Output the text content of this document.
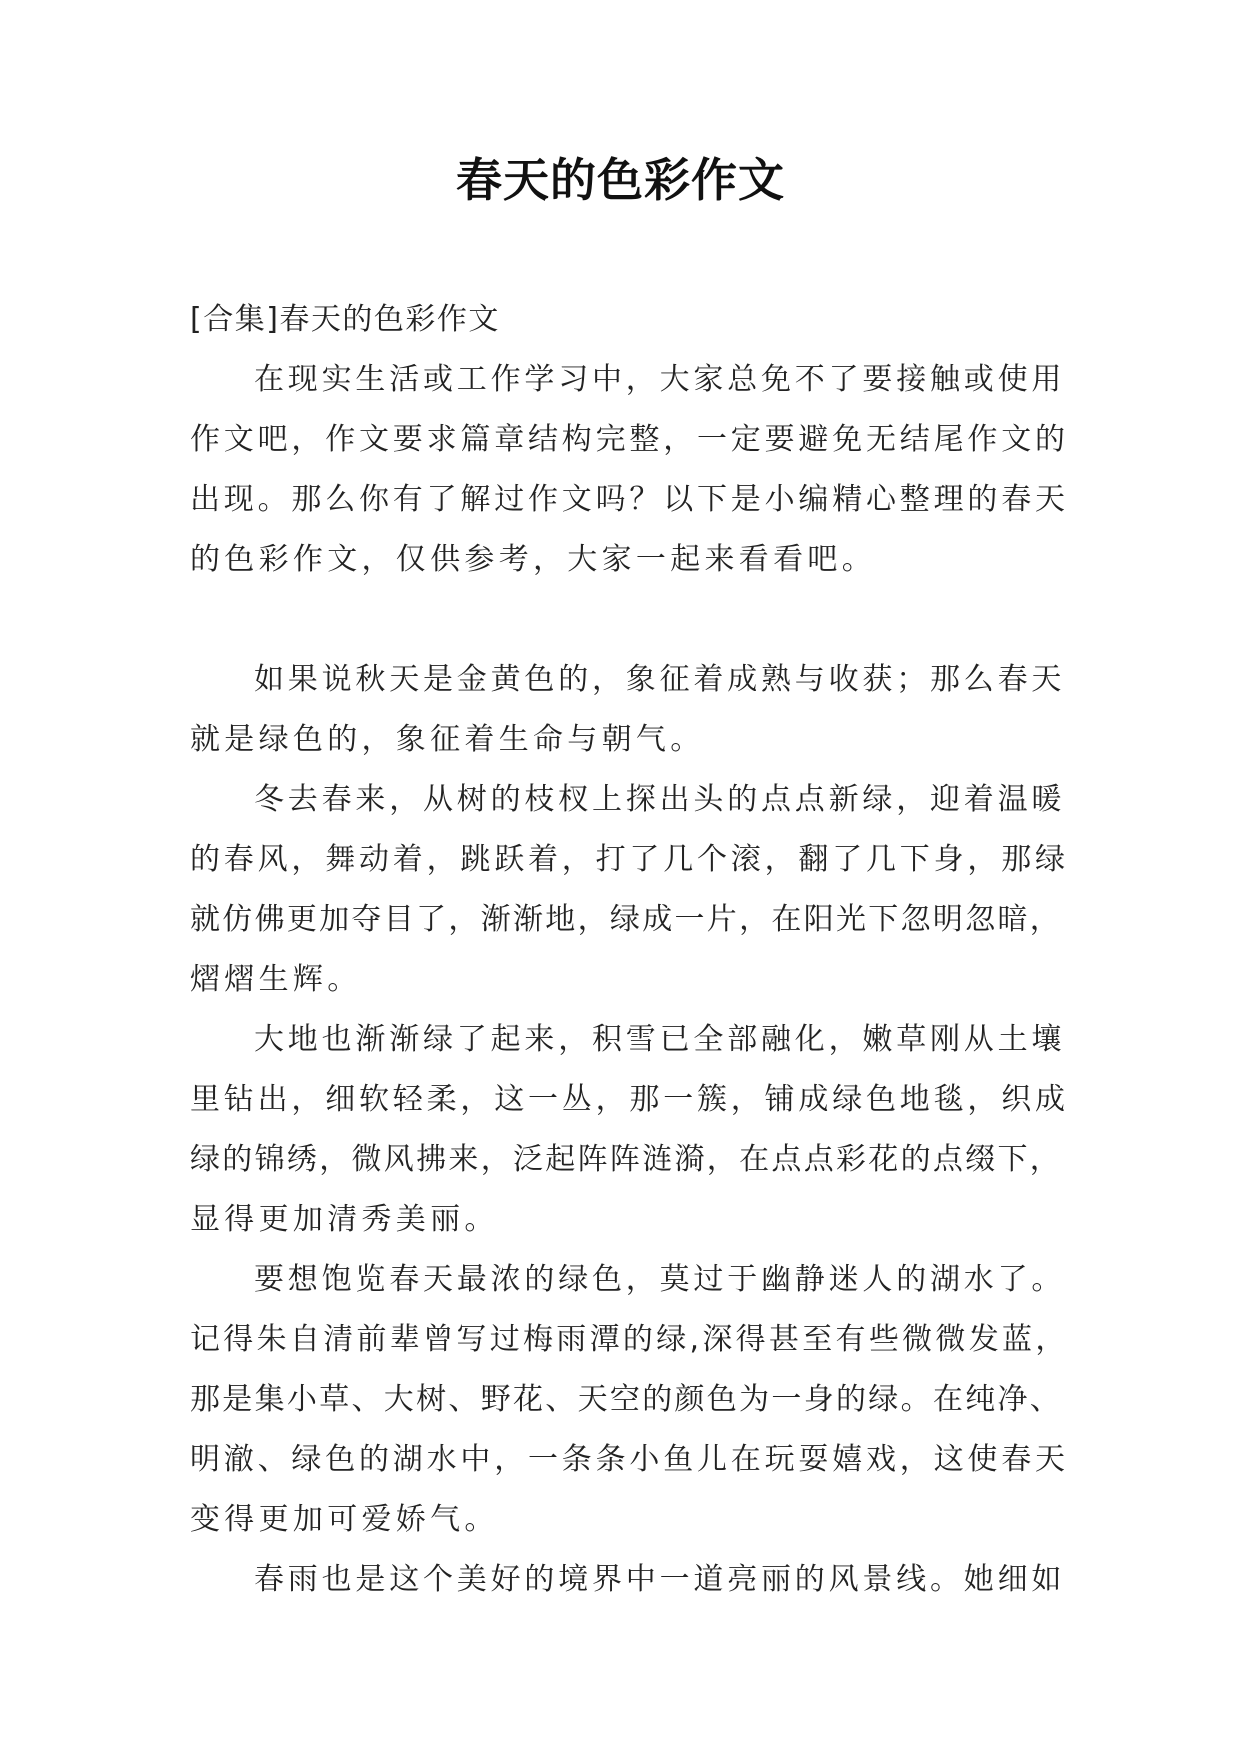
春天的色彩作文
[合集]春天的色彩作文
在现实生活或工作学习中，大家总免不了要接触或使用
作文吧，作文要求篇章结构完整，一定要避免无结尾作文的
出现。那么你有了解过作文吗？以下是小编精心整理的春天
的色彩作文，仅供参考，大家一起来看看吧。
如果说秋天是金黄色的，象征着成熟与收获；那么春天
就是绿色的，象征着生命与朝气。
冬去春来，从树的枝杈上探出头的点点新绿，迎着温暖
的春风，舞动着，跳跃着，打了几个滚，翻了几下身，那绿
就仿佛更加夺目了，渐渐地，绿成一片，在阳光下忽明忽暗，
熠熠生辉。
大地也渐渐绿了起来，积雪已全部融化，嫩草刚从土壤
里钻出，细软轻柔，这一丛，那一簇，铺成绿色地毯，织成
绿的锦绣，微风拂来，泛起阵阵涟漪，在点点彩花的点缀下，
显得更加清秀美丽。
要想饱览春天最浓的绿色，莫过于幽静迷人的湖水了。
记得朱自清前辈曾写过梅雨潭的绿,深得甚至有些微微发蓝，
那是集小草、大树、野花、天空的颜色为一身的绿。在纯净、
明澈、绿色的湖水中，一条条小鱼儿在玩耍嬉戏，这使春天
变得更加可爱娇气。
春雨也是这个美好的境界中一道亮丽的风景线。她细如
